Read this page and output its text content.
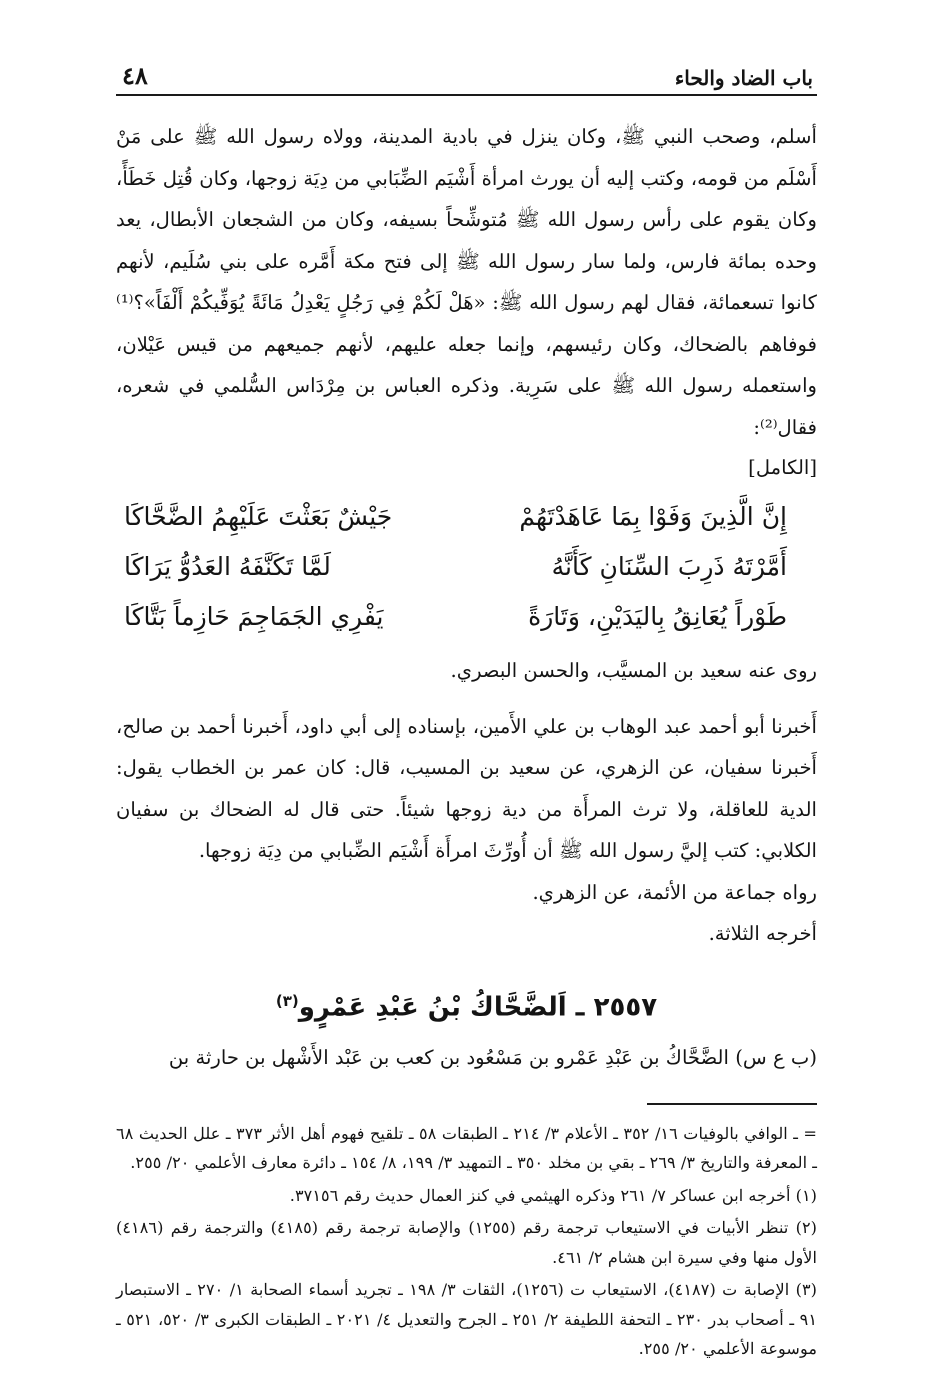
باب الضاد والحاء
٤٨

أسلم، وصحب النبي ﷺ، وكان ينزل في بادية المدينة، وولاه رسول الله ﷺ على مَنْ أَسْلَم من قومه، وكتب إليه أن يورث امرأة أَشْيَم الضِّبَابي من دِيَة زوجها، وكان قُتِل خَطَأً، وكان يقوم على رأس رسول الله ﷺ مُتوشِّحاً بسيفه، وكان من الشجعان الأبطال، يعد وحده بمائة فارس، ولما سار رسول الله ﷺ إلى فتح مكة أَمَّره على بني سُلَيم، لأنهم كانوا تسعمائة، فقال لهم رسول الله ﷺ: «هَلْ لَكُمْ فِي رَجُلٍ يَعْدِلُ مَائَةً يُوَفِّيكُمْ أَلْفَاً»؟⁽¹⁾ فوفاهم بالضحاك، وكان رئيسهم، وإنما جعله عليهم، لأنهم جميعهم من قيس عَيْلان، واستعمله رسول الله ﷺ على سَرِية. وذكره العباس بن مِرْدَاس السُّلمي في شعره، فقال⁽²⁾:

[الكامل]

إِنَّ الَّذِينَ وَفَوْا بِمَا عَاهَدْتَهُمْ
جَيْشٌ بَعَثْتَ عَلَيْهِمُ الضَّحَّاكَا
أَمَّرْتَهُ ذَرِبَ السِّنَانِ كَأَنَّهُ
لَمَّا تَكَنَّفَهُ العَدُوُّ يَرَاكَا
طَوْراً يُعَانِقُ بِاليَدَيْنِ، وَتَارَةً
يَفْرِي الجَمَاجِمَ حَازِماً بَتَّاكَا

روى عنه سعيد بن المسيَّب، والحسن البصري.

أَخبرنا أبو أحمد عبد الوهاب بن علي الأَمين، بإسناده إلى أبي داود، أَخبرنا أحمد بن صالح، أَخبرنا سفيان، عن الزهري، عن سعيد بن المسيب، قال: كان عمر بن الخطاب يقول: الدية للعاقلة، ولا ترث المرأَة من دية زوجها شيئاً. حتى قال له الضحاك بن سفيان الكلابي: كتب إليَّ رسول الله ﷺ أن أُورِّثَ امرأَة أَشْيَم الضِّبابي من دِيَة زوجها.

رواه جماعة من الأئمة، عن الزهري.

أخرجه الثلاثة.

٢٥٥٧ ـ اَلضَّحَّاكُ بْنُ عَبْدِ عَمْرٍو$^{(٣)}$

(ب ع س) الضَّحَّاكُ بن عَبْدِ عَمْرو بن مَسْعُود بن كعب بن عَبْد الأَشْهل بن حارثة بن

= ـ الوافي بالوفيات ١٦/ ٣٥٢ ـ الأعلام ٣/ ٢١٤ ـ الطبقات ٥٨ ـ تلقيح فهوم أهل الأثر ٣٧٣ ـ علل الحديث ٦٨ ـ المعرفة والتاريخ ٣/ ٢٦٩ ـ بقي بن مخلد ٣٥٠ ـ التمهيد ٣/ ١٩٩، ٨/ ١٥٤ ـ دائرة معارف الأعلمي ٢٠/ ٢٥٥.

(١) أخرجه ابن عساكر ٧/ ٢٦١ وذكره الهيثمي في كنز العمال حديث رقم ٣٧١٥٦.

(٢) تنظر الأبيات في الاستيعاب ترجمة رقم (١٢٥٥) والإصابة ترجمة رقم (٤١٨٥) والترجمة رقم (٤١٨٦) الأول منها وفي سيرة ابن هشام ٢/ ٤٦١.

(٣) الإصابة ت (٤١٨٧)، الاستيعاب ت (١٢٥٦)، الثقات ٣/ ١٩٨ ـ تجريد أسماء الصحابة ١/ ٢٧٠ ـ الاستبصار ٩١ ـ أصحاب بدر ٢٣٠ ـ التحفة اللطيفة ٢/ ٢٥١ ـ الجرح والتعديل ٤/ ٢٠٢١ ـ الطبقات الكبرى ٣/ ٥٢٠، ٥٢١ ـ موسوعة الأعلمي ٢٠/ ٢٥٥.
